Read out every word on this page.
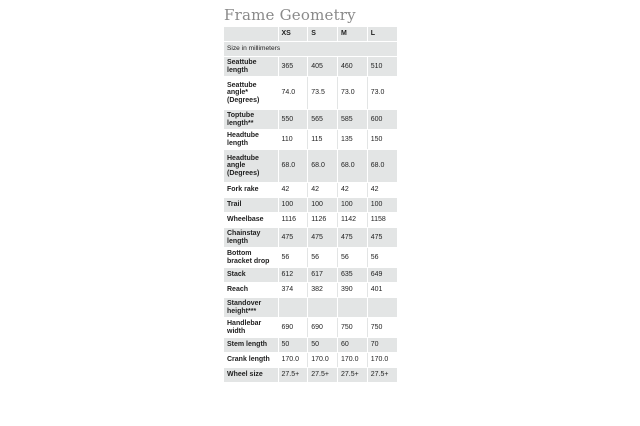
Frame Geometry
	XS	S	M	L
Size in millimeters				
Seattube length	365	405	460	510
Seattube angle* (Degrees)	74.0	73.5	73.0	73.0
Toptube length**	550	565	585	600
Headtube length	110	115	135	150
Headtube angle (Degrees)	68.0	68.0	68.0	68.0
Fork rake	42	42	42	42
Trail	100	100	100	100
Wheelbase	1116	1126	1142	1158
Chainstay length	475	475	475	475
Bottom bracket drop	56	56	56	56
Stack	612	617	635	649
Reach	374	382	390	401
Standover height***				
Handlebar width	690	690	750	750
Stem length	50	50	60	70
Crank length	170.0	170.0	170.0	170.0
Wheel size	27.5+	27.5+	27.5+	27.5+
